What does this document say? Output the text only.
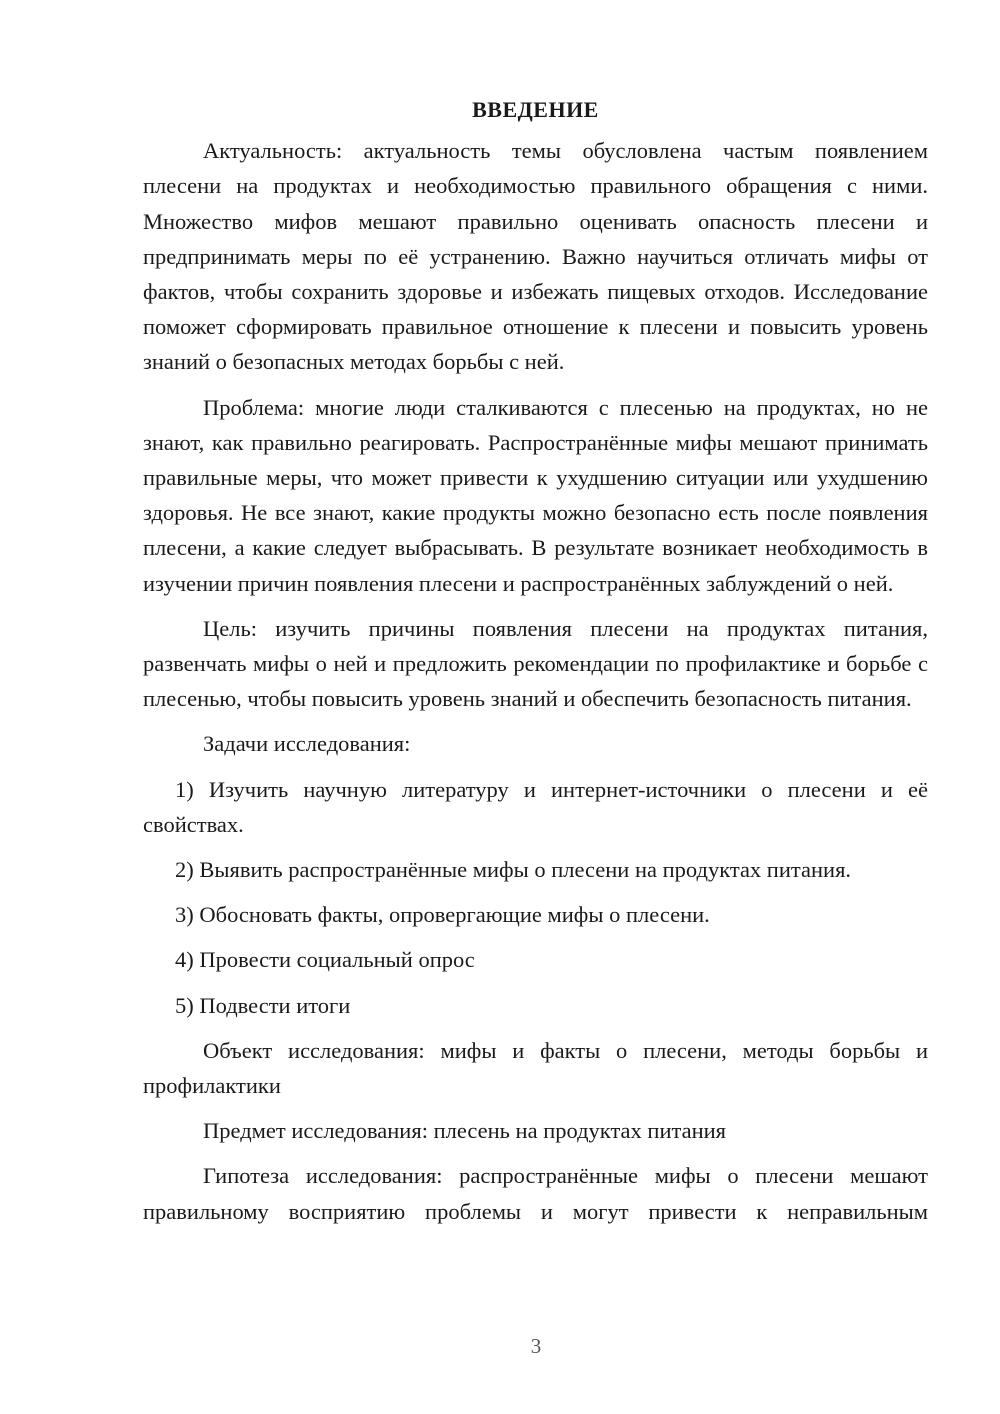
ВВЕДЕНИЕ

Актуальность: актуальность темы обусловлена частым появлением плесени на продуктах и необходимостью правильного обращения с ними. Множество мифов мешают правильно оценивать опасность плесени и предпринимать меры по её устранению. Важно научиться отличать мифы от фактов, чтобы сохранить здоровье и избежать пищевых отходов. Исследование поможет сформировать правильное отношение к плесени и повысить уровень знаний о безопасных методах борьбы с ней.

Проблема: многие люди сталкиваются с плесенью на продуктах, но не знают, как правильно реагировать. Распространённые мифы мешают принимать правильные меры, что может привести к ухудшению ситуации или ухудшению здоровья. Не все знают, какие продукты можно безопасно есть после появления плесени, а какие следует выбрасывать. В результате возникает необходимость в изучении причин появления плесени и распространённых заблуждений о ней.

Цель: изучить причины появления плесени на продуктах питания, развенчать мифы о ней и предложить рекомендации по профилактике и борьбе с плесенью, чтобы повысить уровень знаний и обеспечить безопасность питания.

Задачи исследования:

1) Изучить научную литературу и интернет-источники о плесени и её свойствах.

2) Выявить распространённые мифы о плесени на продуктах питания.

3) Обосновать факты, опровергающие мифы о плесени.

4) Провести социальный опрос

5) Подвести итоги

Объект исследования: мифы и факты о плесени, методы борьбы и профилактики

Предмет исследования: плесень на продуктах питания

Гипотеза исследования: распространённые мифы о плесени мешают правильному восприятию проблемы и могут привести к неправильным

3
